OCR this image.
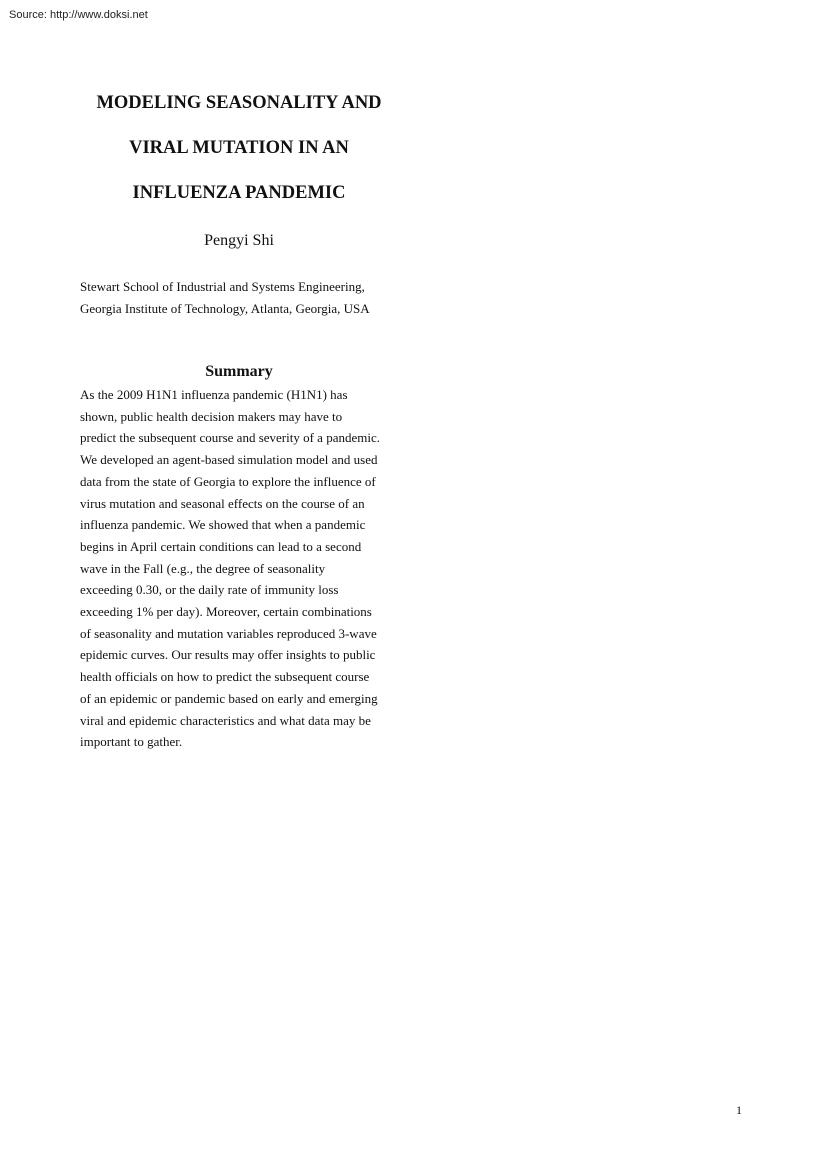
Source: http://www.doksi.net
MODELING SEASONALITY AND
VIRAL MUTATION IN AN
INFLUENZA PANDEMIC
Pengyi Shi
Stewart School of Industrial and Systems Engineering,
Georgia Institute of Technology, Atlanta, Georgia, USA
Summary
As the 2009 H1N1 influenza pandemic (H1N1) has
shown, public health decision makers may have to
predict the subsequent course and severity of a pandemic.
We developed an agent-based simulation model and used
data from the state of Georgia to explore the influence of
virus mutation and seasonal effects on the course of an
influenza pandemic. We showed that when a pandemic
begins in April certain conditions can lead to a second
wave in the Fall (e.g., the degree of seasonality
exceeding 0.30, or the daily rate of immunity loss
exceeding 1% per day). Moreover, certain combinations
of seasonality and mutation variables reproduced 3-wave
epidemic curves. Our results may offer insights to public
health officials on how to predict the subsequent course
of an epidemic or pandemic based on early and emerging
viral and epidemic characteristics and what data may be
important to gather.
1
